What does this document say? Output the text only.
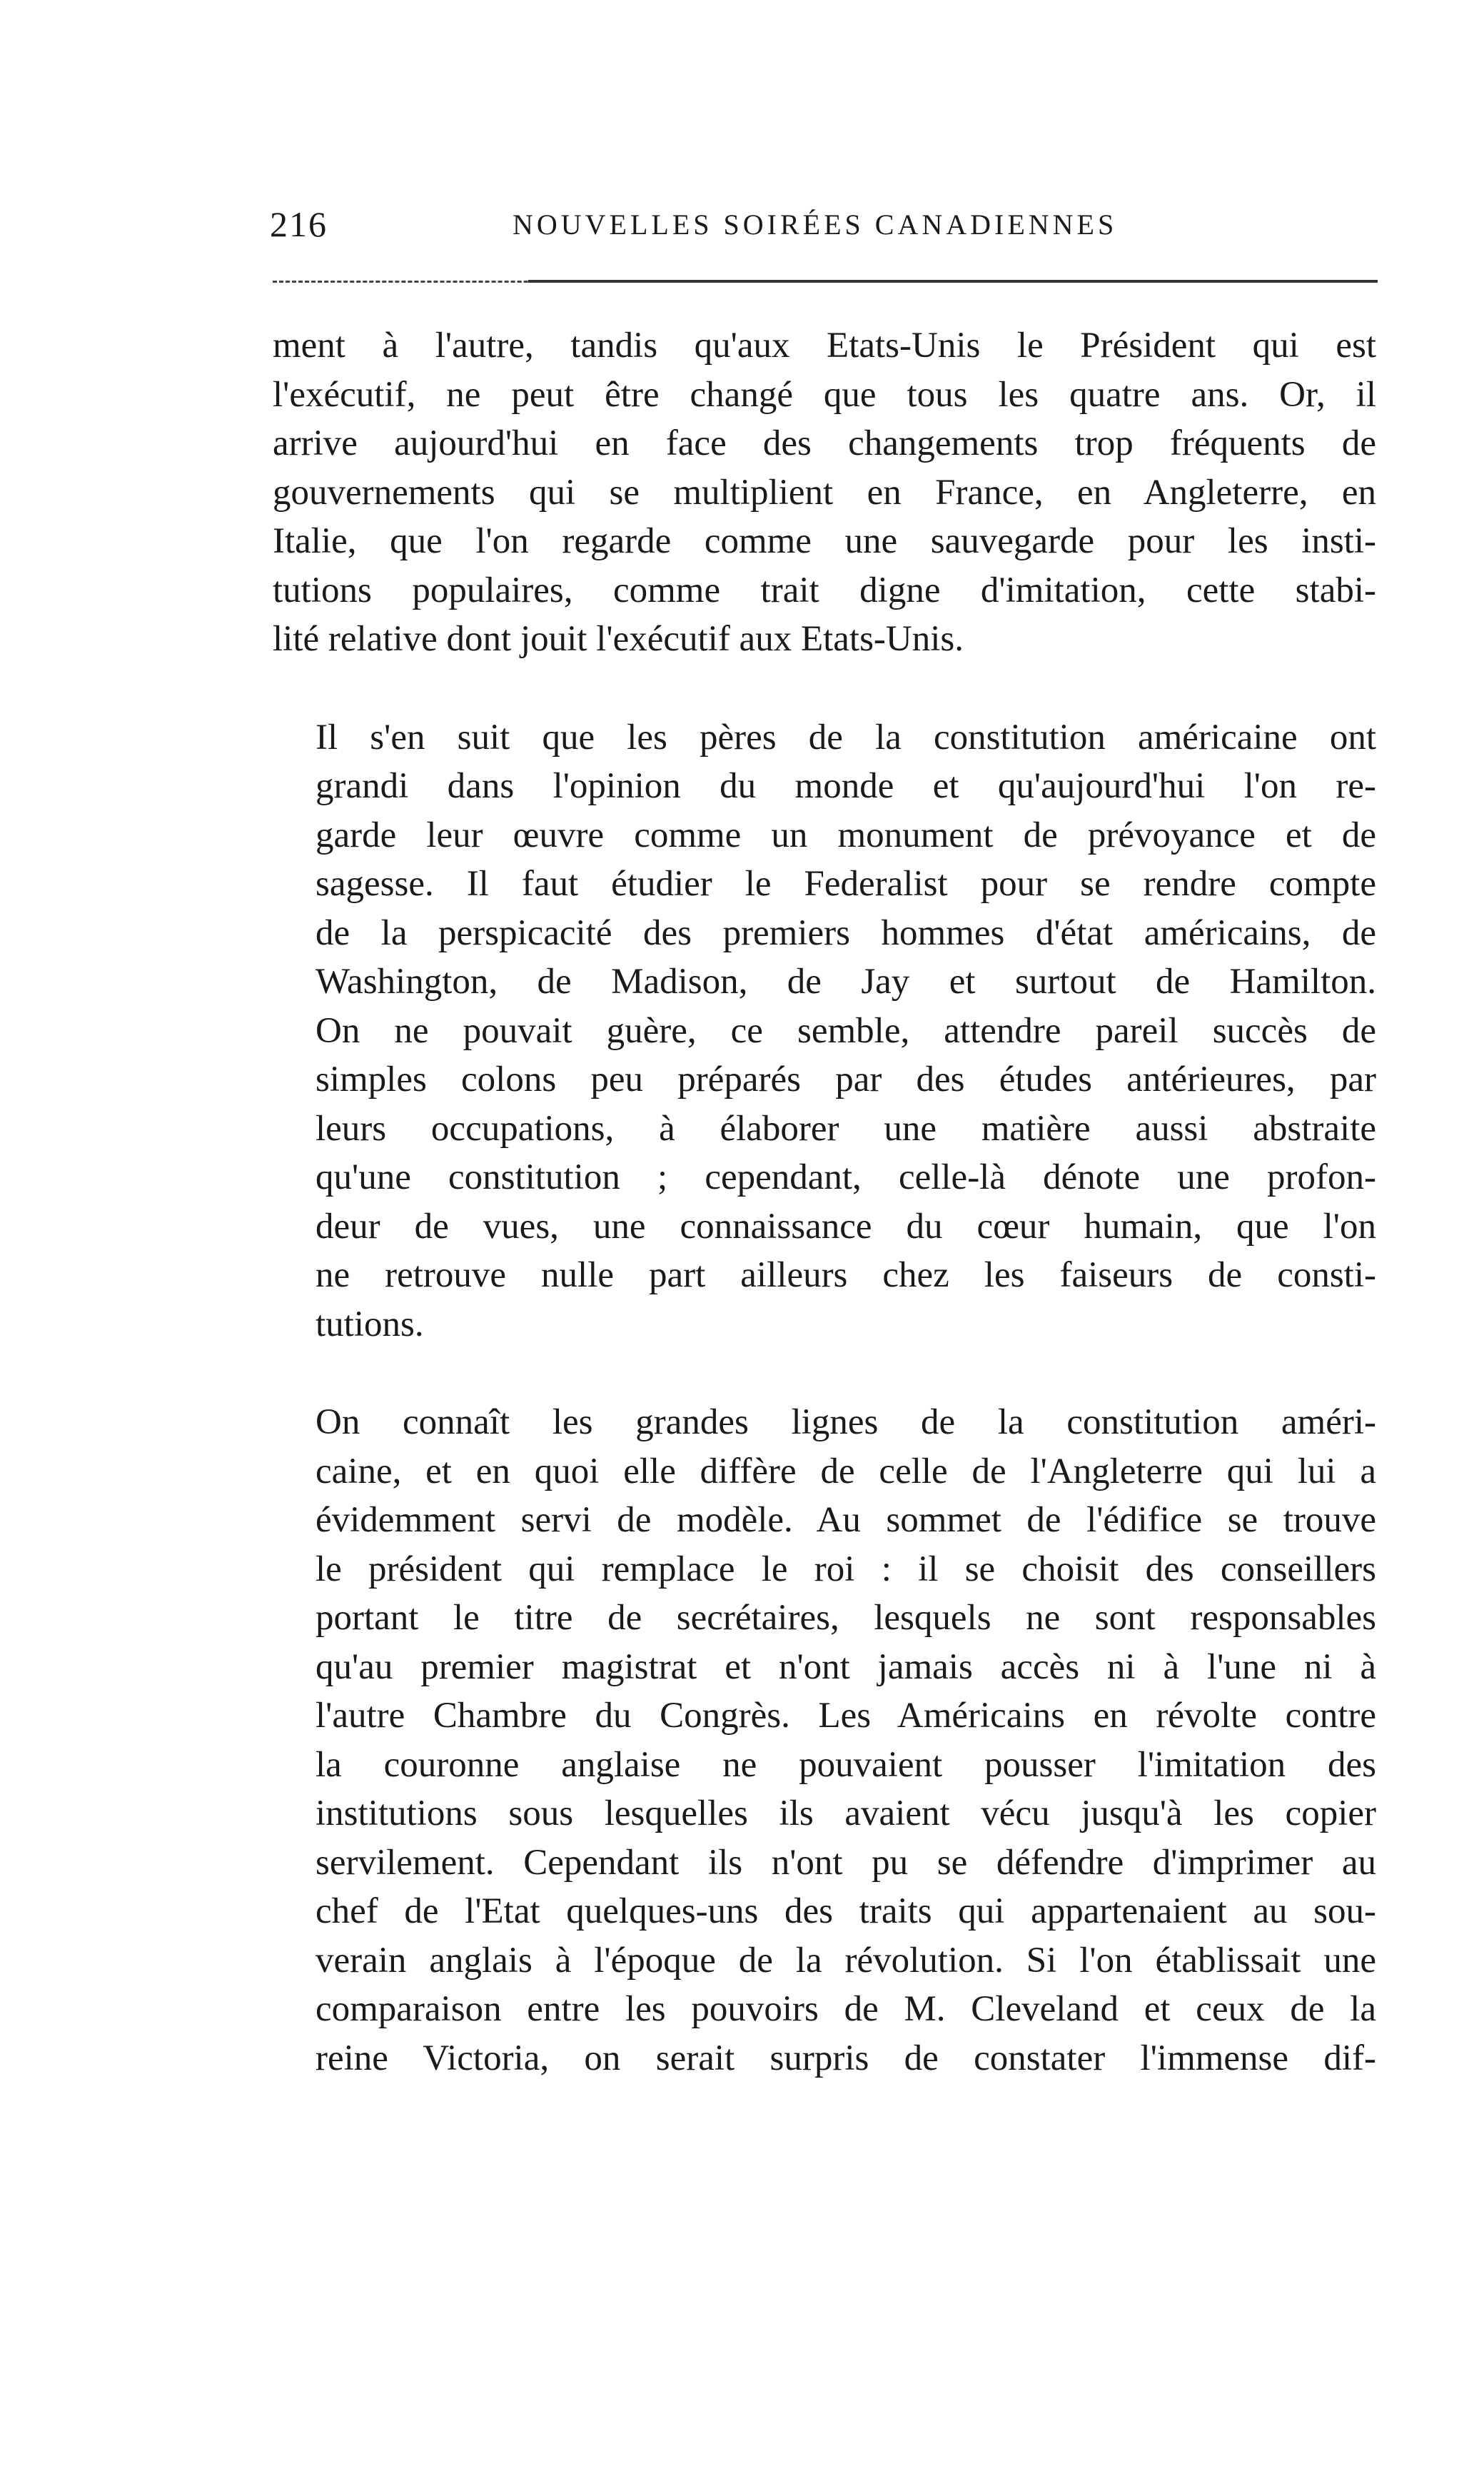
216	NOUVELLES SOIRÉES CANADIENNES

ment à l'autre, tandis qu'aux Etats-Unis le Président qui est
l'exécutif, ne peut être changé que tous les quatre ans. Or, il
arrive aujourd'hui en face des changements trop fréquents de
gouvernements qui se multiplient en France, en Angleterre, en
Italie, que l'on regarde comme une sauvegarde pour les insti-
tutions populaires, comme trait digne d'imitation, cette stabi-
lité relative dont jouit l'exécutif aux Etats-Unis.

Il s'en suit que les pères de la constitution américaine ont
grandi dans l'opinion du monde et qu'aujourd'hui l'on re-
garde leur œuvre comme un monument de prévoyance et de
sagesse. Il faut étudier le Federalist pour se rendre compte
de la perspicacité des premiers hommes d'état américains, de
Washington, de Madison, de Jay et surtout de Hamilton.
On ne pouvait guère, ce semble, attendre pareil succès de
simples colons peu préparés par des études antérieures, par
leurs occupations, à élaborer une matière aussi abstraite
qu'une constitution ; cependant, celle-là dénote une profon-
deur de vues, une connaissance du cœur humain, que l'on
ne retrouve nulle part ailleurs chez les faiseurs de consti-
tutions.

On connaît les grandes lignes de la constitution améri-
caine, et en quoi elle diffère de celle de l'Angleterre qui lui a
évidemment servi de modèle. Au sommet de l'édifice se trouve
le président qui remplace le roi : il se choisit des conseillers
portant le titre de secrétaires, lesquels ne sont responsables
qu'au premier magistrat et n'ont jamais accès ni à l'une ni à
l'autre Chambre du Congrès. Les Américains en révolte contre
la couronne anglaise ne pouvaient pousser l'imitation des
institutions sous lesquelles ils avaient vécu jusqu'à les copier
servilement. Cependant ils n'ont pu se défendre d'imprimer au
chef de l'Etat quelques-uns des traits qui appartenaient au sou-
verain anglais à l'époque de la révolution. Si l'on établissait une
comparaison entre les pouvoirs de M. Cleveland et ceux de la
reine Victoria, on serait surpris de constater l'immense dif-
